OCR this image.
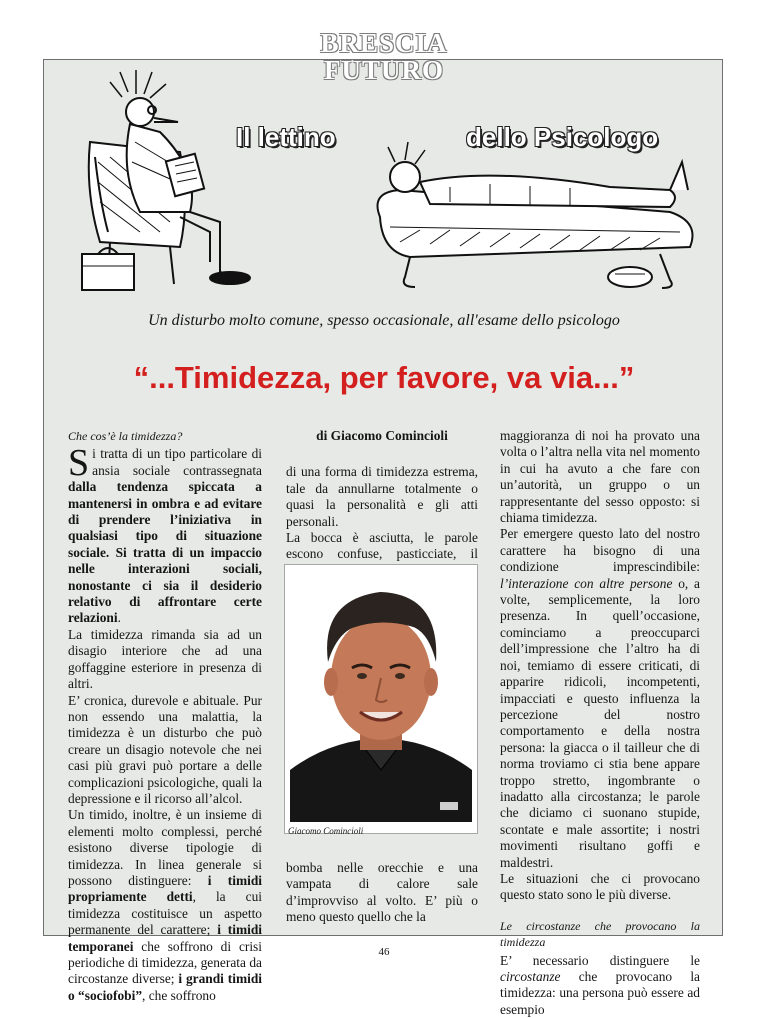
BRESCIA
FUTURO
Il lettino	dello Psicologo
Un disturbo molto comune, spesso occasionale, all'esame dello psicologo
“...Timidezza, per favore, va via...”

Che cos’è la timidezza?

Si tratta di un tipo particolare di ansia sociale contrassegnata dalla tendenza spiccata a mantenersi in ombra e ad evitare di prendere l’iniziativa in qualsiasi tipo di situazione sociale. Si tratta di un impaccio nelle interazioni sociali, nonostante ci sia il desiderio relativo di affrontare certe relazioni.

La timidezza rimanda sia ad un disagio interiore che ad una goffaggine esteriore in presenza di altri.

E’ cronica, durevole e abituale. Pur non essendo una malattia, la timidezza è un disturbo che può creare un disagio notevole che nei casi più gravi può portare a delle complicazioni psicologiche, quali la depressione e il ricorso all’alcol.

Un timido, inoltre, è un insieme di elementi molto complessi, perché esistono diverse tipologie di timidezza. In linea generale si possono distinguere: i timidi propriamente detti, la cui timidezza costituisce un aspetto permanente del carattere; i timidi temporanei che soffrono di crisi periodiche di timidezza, generata da circostanze diverse; i grandi timidi o “sociofobi”, che soffrono

di Giacomo Comincioli

di una forma di timidezza estrema, tale da annullarne totalmente o quasi la personalità e gli atti personali.

La bocca è asciutta, le parole escono confuse, pasticciate, il

Giacomo Comincioli

bomba nelle orecchie e una vampata di calore sale d’improvviso al volto. E’ più o meno questo quello che la

maggioranza di noi ha provato una volta o l’altra nella vita nel momento in cui ha avuto a che fare con un’autorità, un gruppo o un rappresentante del sesso opposto: si chiama timidezza.

Per emergere questo lato del nostro carattere ha bisogno di una condizione imprescindibile: l’interazione con altre persone o, a volte, semplicemente, la loro presenza. In quell’occasione, cominciamo a preoccuparci dell’impressione che l’altro ha di noi, temiamo di essere criticati, di apparire ridicoli, incompetenti, impacciati e questo influenza la percezione del nostro comportamento e della nostra persona: la giacca o il tailleur che di norma troviamo ci stia bene appare troppo stretto, ingombrante o inadatto alla circostanza; le parole che diciamo ci suonano stupide, scontate e male assortite; i nostri movimenti risultano goffi e maldestri.

Le situazioni che ci provocano questo stato sono le più diverse.

Le circostanze che provocano la timidezza

E’ necessario distinguere le circostanze che provocano la timidezza: una persona può essere ad esempio

46
